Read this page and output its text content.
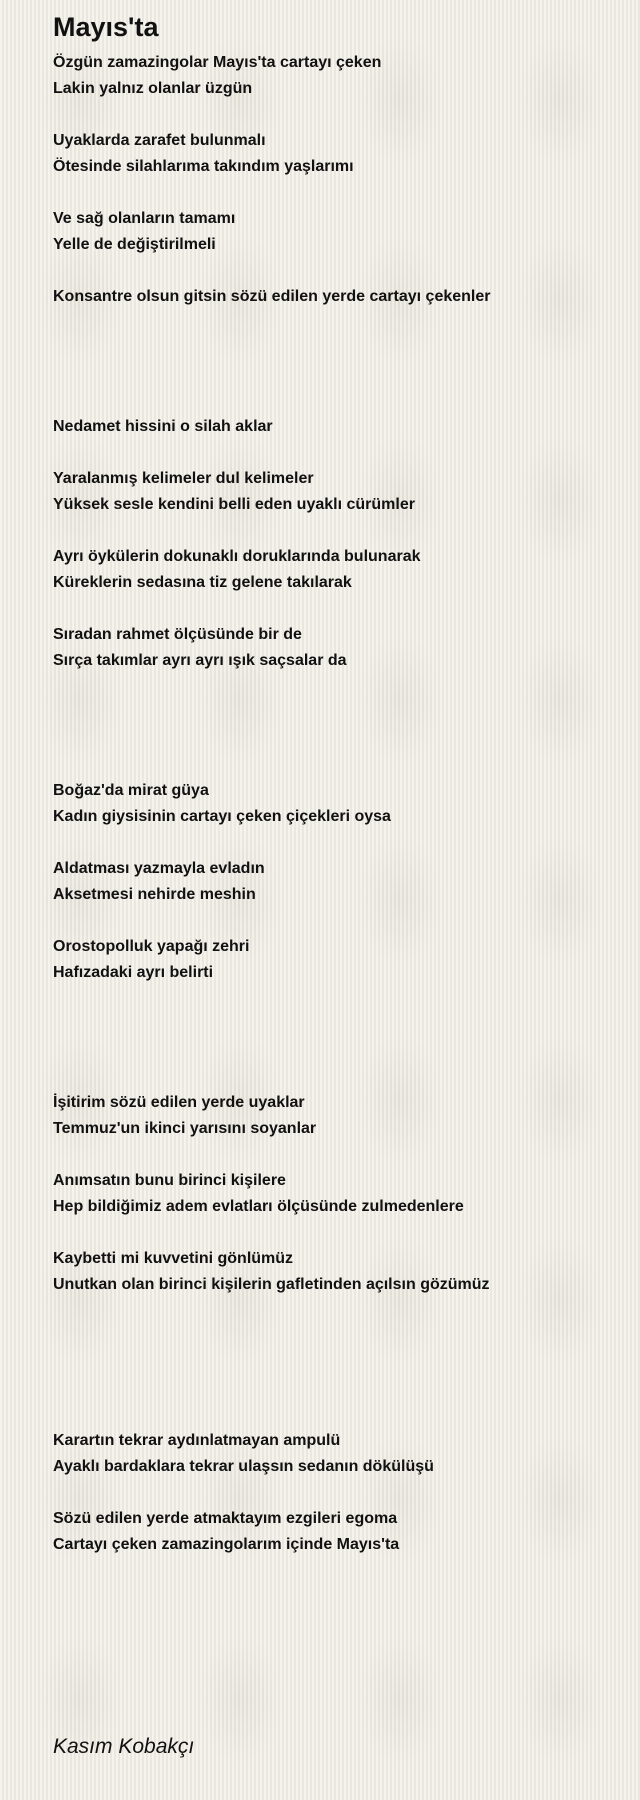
Mayıs'ta
Özgün zamazingolar Mayıs'ta cartayı çeken
Lakin yalnız olanlar üzgün
Uyaklarda zarafet bulunmalı
Ötesinde silahlarıma takındım yaşlarımı
Ve sağ olanların tamamı
Yelle de değiştirilmeli
Konsantre olsun gitsin sözü edilen yerde cartayı çekenler
Nedamet hissini o silah aklar
Yaralanmış kelimeler dul kelimeler
Yüksek sesle kendini belli eden uyaklı cürümler
Ayrı öykülerin dokunaklı doruklarında bulunarak
Küreklerin sedasına tiz gelene takılarak
Sıradan rahmet ölçüsünde bir de
Sırça takımlar ayrı ayrı ışık saçsalar da
Boğaz'da mirat güya
Kadın giysisinin cartayı çeken çiçekleri oysa
Aldatması yazmayla evladın
Aksetmesi nehirde meshin
Orostopolluk yapağı zehri
Hafızadaki ayrı belirti
İşitirim sözü edilen yerde uyaklar
Temmuz'un ikinci yarısını soyanlar
Anımsatın bunu birinci kişilere
Hep bildiğimiz adem evlatları ölçüsünde zulmedenlere
Kaybetti mi kuvvetini gönlümüz
Unutkan olan birinci kişilerin gafletinden açılsın gözümüz
Karartın tekrar aydınlatmayan ampulü
Ayaklı bardaklara tekrar ulaşsın sedanın dökülüşü
Sözü edilen yerde atmaktayım ezgileri egoma
Cartayı çeken zamazingolarım içinde Mayıs'ta
Kasım Kobakçı
